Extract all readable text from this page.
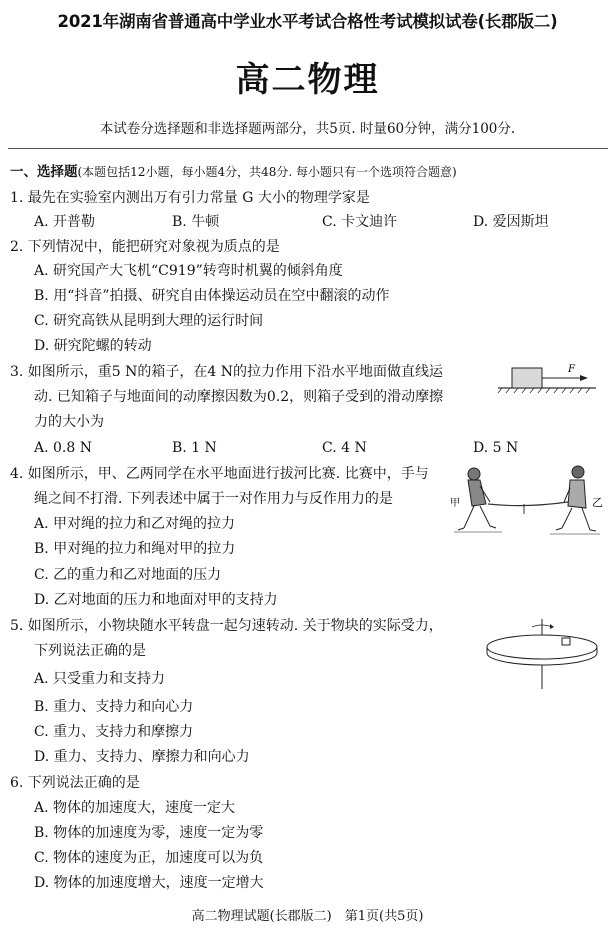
2021年湖南省普通高中学业水平考试合格性考试模拟试卷(长郡版二)
高二物理
本试卷分选择题和非选择题两部分，共5页. 时量60分钟，满分100分.
一、选择题(本题包括12小题，每小题4分，共48分. 每小题只有一个选项符合题意)
1. 最先在实验室内测出万有引力常量 G 大小的物理学家是
A. 开普勒	B. 牛顿	C. 卡文迪许	D. 爱因斯坦
2. 下列情况中，能把研究对象视为质点的是
A. 研究国产大飞机“C919”转弯时机翼的倾斜角度
B. 用“抖音”拍摄、研究自由体操运动员在空中翻滚的动作
C. 研究高铁从昆明到大理的运行时间
D. 研究陀螺的转动
3. 如图所示，重5 N的箱子，在4 N的拉力作用下沿水平地面做直线运
动. 已知箱子与地面间的动摩擦因数为0.2，则箱子受到的滑动摩擦
力的大小为
A. 0.8 N	B. 1 N	C. 4 N	D. 5 N
F
4. 如图所示，甲、乙两同学在水平地面进行拔河比赛. 比赛中，手与
绳之间不打滑. 下列表述中属于一对作用力与反作用力的是
A. 甲对绳的拉力和乙对绳的拉力
B. 甲对绳的拉力和绳对甲的拉力
C. 乙的重力和乙对地面的压力
D. 乙对地面的压力和地面对甲的支持力
甲	乙
5. 如图所示，小物块随水平转盘一起匀速转动. 关于物块的实际受力，
下列说法正确的是
A. 只受重力和支持力
B. 重力、支持力和向心力
C. 重力、支持力和摩擦力
D. 重力、支持力、摩擦力和向心力
6. 下列说法正确的是
A. 物体的加速度大，速度一定大
B. 物体的加速度为零，速度一定为零
C. 物体的速度为正，加速度可以为负
D. 物体的加速度增大，速度一定增大
高二物理试题(长郡版二)　第1页(共5页)
